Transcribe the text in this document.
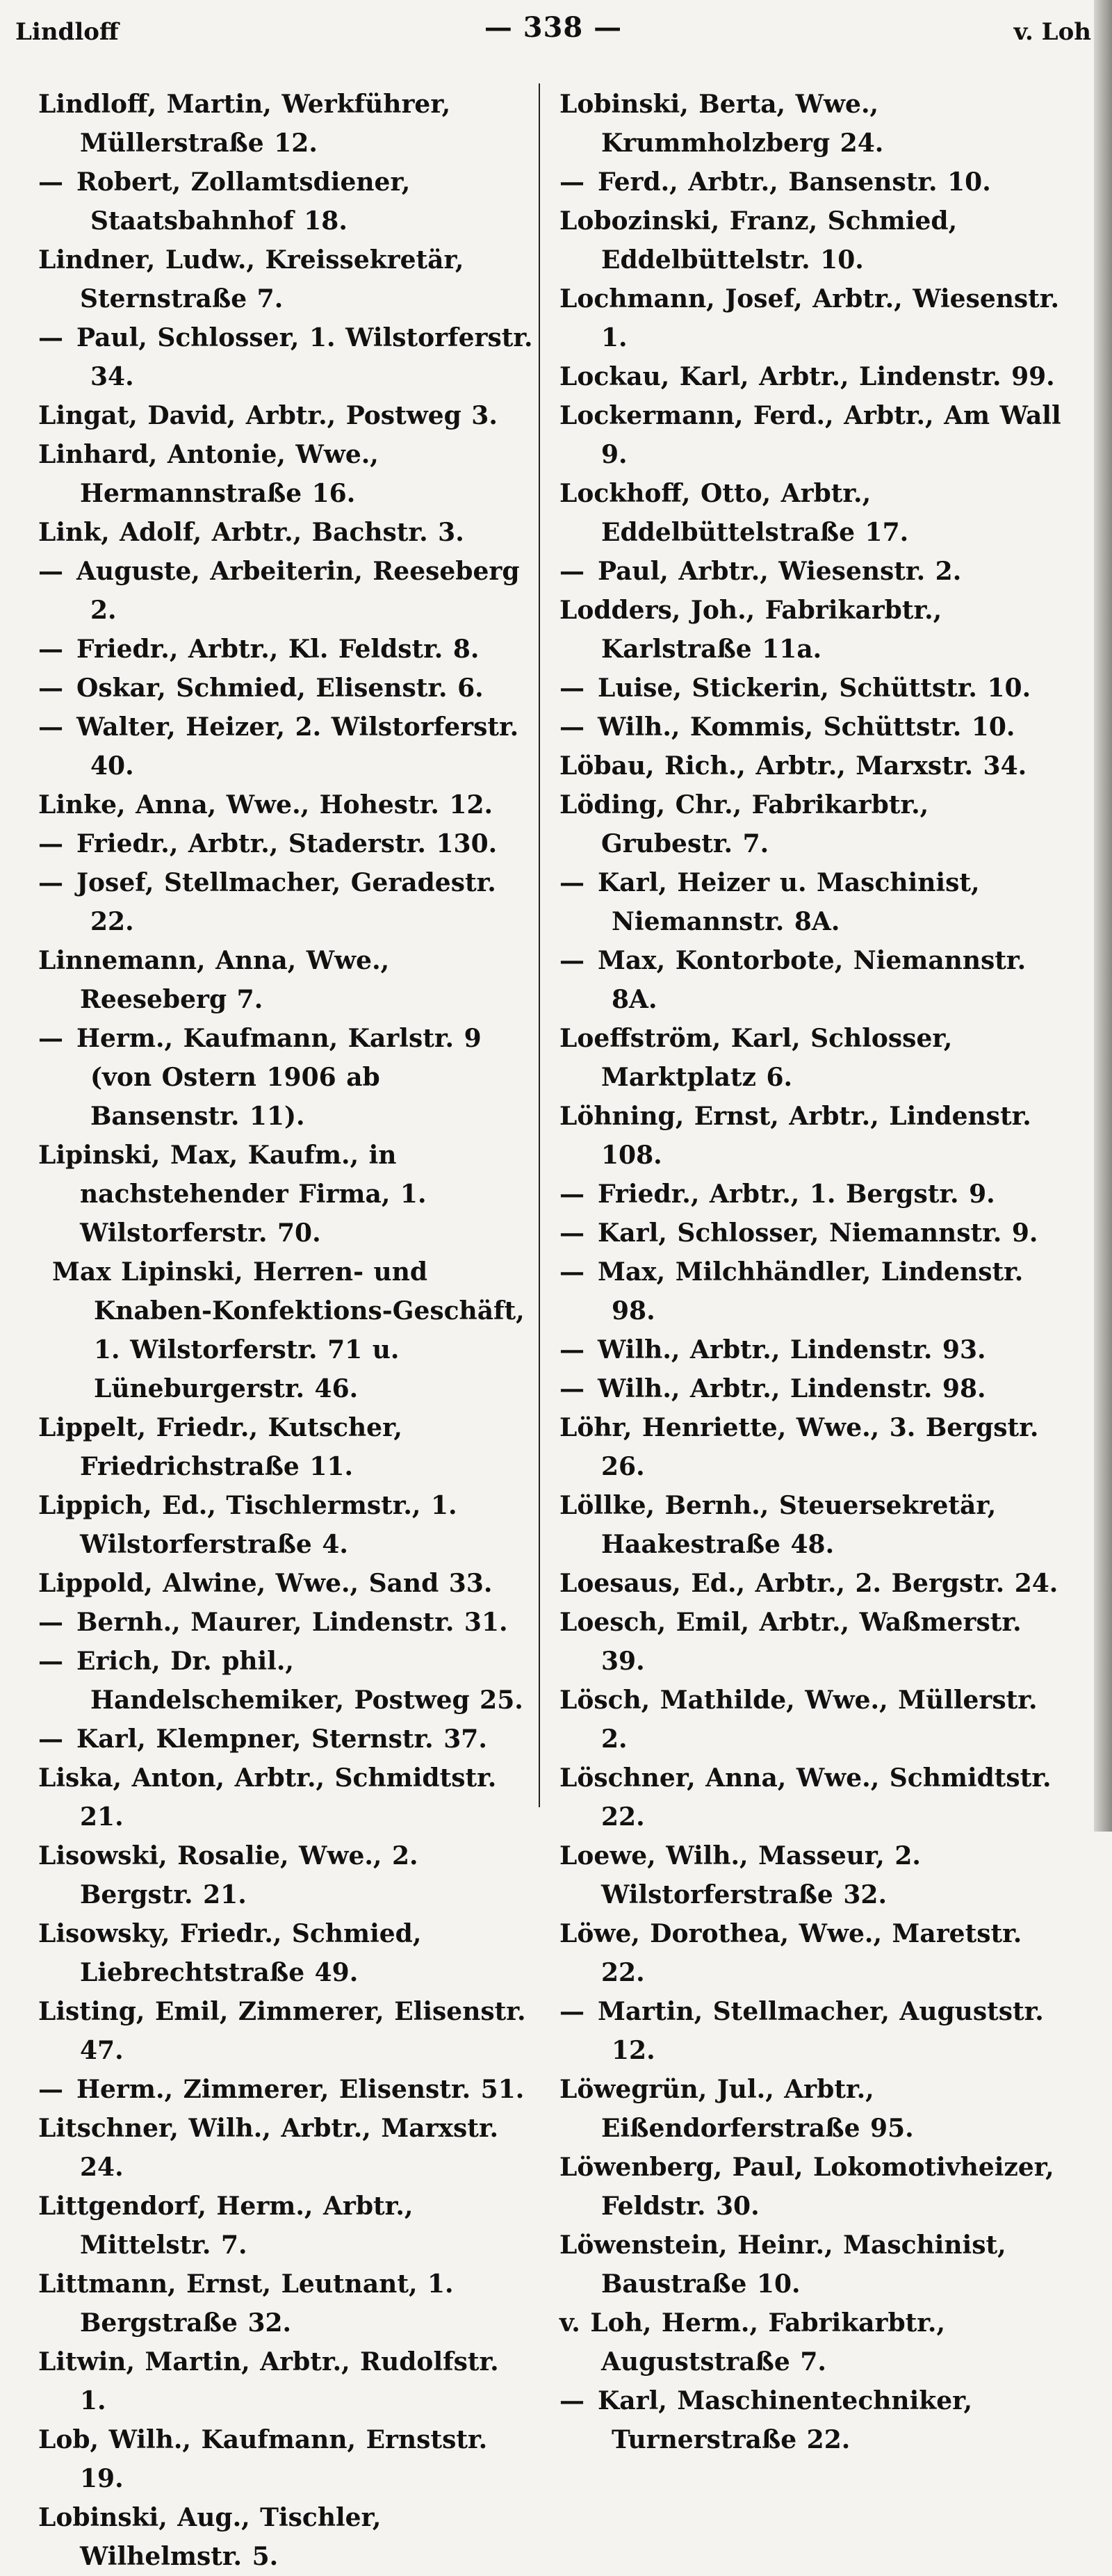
Lindloff	— 338 —	v. Loh
Lindloff, Martin, Werkführer, Müllerstraße 12.
— Robert, Zollamtsdiener, Staatsbahnhof 18.
Lindner, Ludw., Kreissekretär, Sternstraße 7.
— Paul, Schlosser, 1. Wilstorferstr. 34.
Lingat, David, Arbtr., Postweg 3.
Linhard, Antonie, Wwe., Hermannstraße 16.
Link, Adolf, Arbtr., Bachstr. 3.
— Auguste, Arbeiterin, Reeseberg 2.
— Friedr., Arbtr., Kl. Feldstr. 8.
— Oskar, Schmied, Elisenstr. 6.
— Walter, Heizer, 2. Wilstorferstr. 40.
Linke, Anna, Wwe., Hohestr. 12.
— Friedr., Arbtr., Staderstr. 130.
— Josef, Stellmacher, Geradestr. 22.
Linnemann, Anna, Wwe., Reeseberg 7.
— Herm., Kaufmann, Karlstr. 9 (von Ostern 1906 ab Bansenstr. 11).
Lipinski, Max, Kaufm., in nachstehender Firma, 1. Wilstorferstr. 70.
Max Lipinski, Herren- und Knaben-Konfektions-Geschäft, 1. Wilstorferstr. 71 u. Lüneburgerstr. 46.
Lippelt, Friedr., Kutscher, Friedrichstraße 11.
Lippich, Ed., Tischlermstr., 1. Wilstorferstraße 4.
Lippold, Alwine, Wwe., Sand 33.
— Bernh., Maurer, Lindenstr. 31.
— Erich, Dr. phil., Handelschemiker, Postweg 25.
— Karl, Klempner, Sternstr. 37.
Liska, Anton, Arbtr., Schmidtstr. 21.
Lisowski, Rosalie, Wwe., 2. Bergstr. 21.
Lisowsky, Friedr., Schmied, Liebrechtstraße 49.
Listing, Emil, Zimmerer, Elisenstr. 47.
— Herm., Zimmerer, Elisenstr. 51.
Litschner, Wilh., Arbtr., Marxstr. 24.
Littgendorf, Herm., Arbtr., Mittelstr. 7.
Littmann, Ernst, Leutnant, 1. Bergstraße 32.
Litwin, Martin, Arbtr., Rudolfstr. 1.
Lob, Wilh., Kaufmann, Ernststr. 19.
Lobinski, Aug., Tischler, Wilhelmstr. 5.
Lobinski, Berta, Wwe., Krummholzberg 24.
— Ferd., Arbtr., Bansenstr. 10.
Lobozinski, Franz, Schmied, Eddelbüttelstr. 10.
Lochmann, Josef, Arbtr., Wiesenstr. 1.
Lockau, Karl, Arbtr., Lindenstr. 99.
Lockermann, Ferd., Arbtr., Am Wall 9.
Lockhoff, Otto, Arbtr., Eddelbüttelstraße 17.
— Paul, Arbtr., Wiesenstr. 2.
Lodders, Joh., Fabrikarbtr., Karlstraße 11a.
— Luise, Stickerin, Schüttstr. 10.
— Wilh., Kommis, Schüttstr. 10.
Löbau, Rich., Arbtr., Marxstr. 34.
Löding, Chr., Fabrikarbtr., Grubestr. 7.
— Karl, Heizer u. Maschinist, Niemannstr. 8A.
— Max, Kontorbote, Niemannstr. 8A.
Loeffström, Karl, Schlosser, Marktplatz 6.
Löhning, Ernst, Arbtr., Lindenstr. 108.
— Friedr., Arbtr., 1. Bergstr. 9.
— Karl, Schlosser, Niemannstr. 9.
— Max, Milchhändler, Lindenstr. 98.
— Wilh., Arbtr., Lindenstr. 93.
— Wilh., Arbtr., Lindenstr. 98.
Löhr, Henriette, Wwe., 3. Bergstr. 26.
Löllke, Bernh., Steuersekretär, Haakestraße 48.
Loesaus, Ed., Arbtr., 2. Bergstr. 24.
Loesch, Emil, Arbtr., Waßmerstr. 39.
Lösch, Mathilde, Wwe., Müllerstr. 2.
Löschner, Anna, Wwe., Schmidtstr. 22.
Loewe, Wilh., Masseur, 2. Wilstorferstraße 32.
Löwe, Dorothea, Wwe., Maretstr. 22.
— Martin, Stellmacher, Auguststr. 12.
Löwegrün, Jul., Arbtr., Eißendorferstraße 95.
Löwenberg, Paul, Lokomotivheizer, Feldstr. 30.
Löwenstein, Heinr., Maschinist, Baustraße 10.
v. Loh, Herm., Fabrikarbtr., Auguststraße 7.
— Karl, Maschinentechniker, Turnerstraße 22.
